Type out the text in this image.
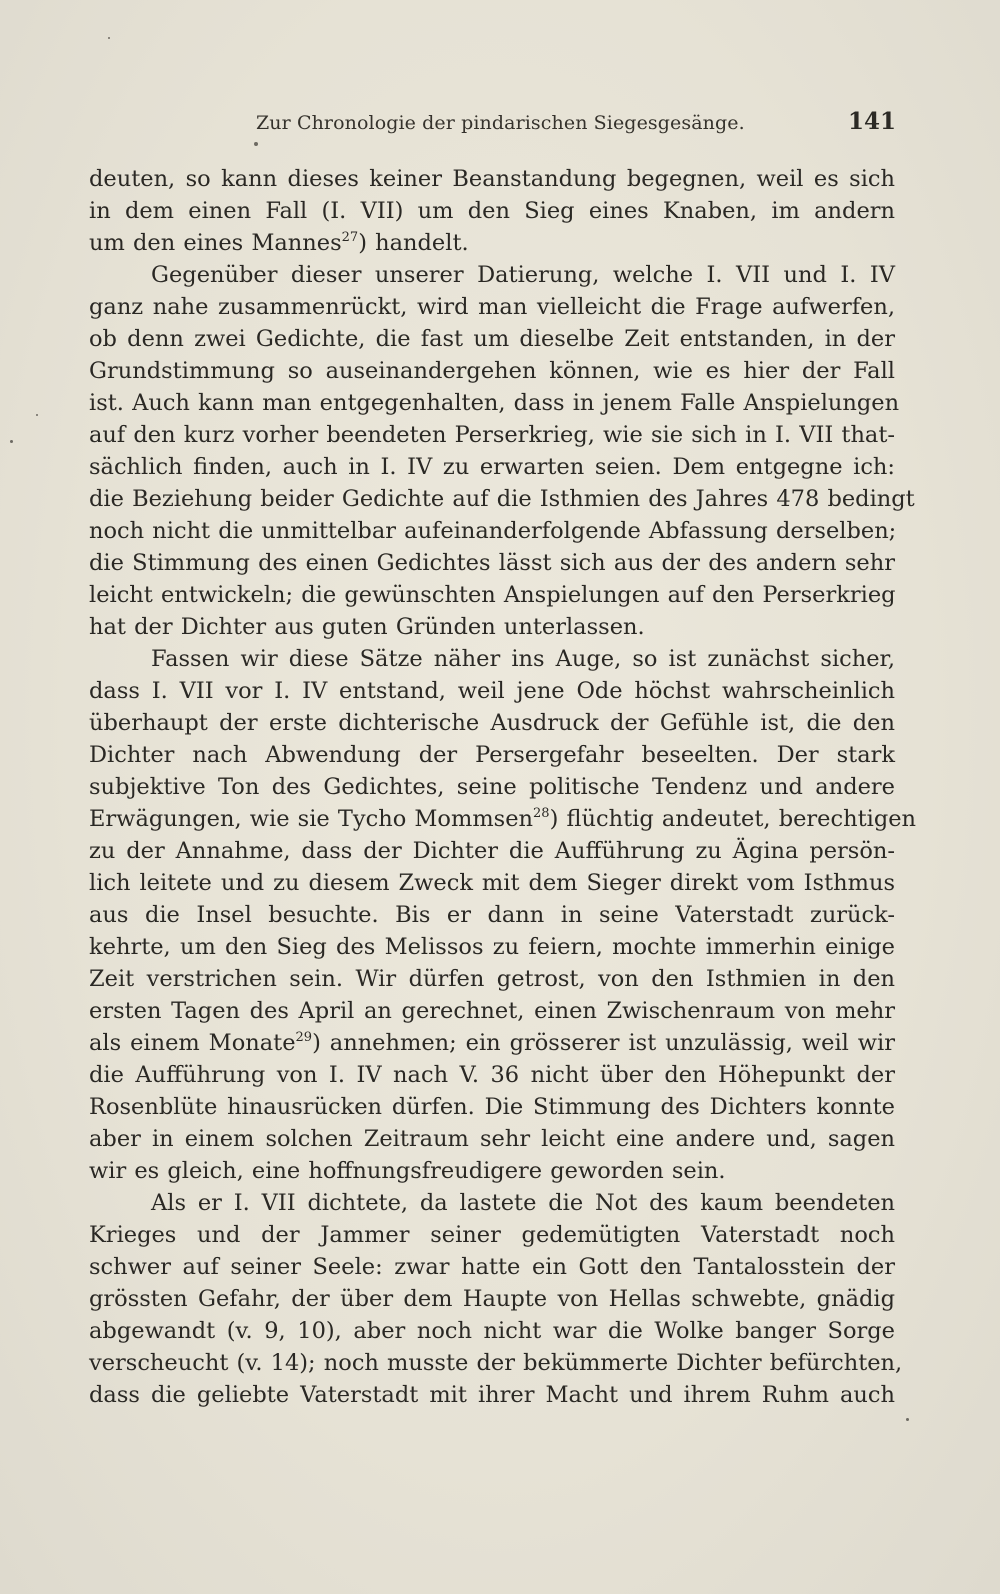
Zur Chronologie der pindarischen Siegesgesänge.	141
deuten, so kann dieses keiner Beanstandung begegnen, weil es sich
in dem einen Fall (I. VII) um den Sieg eines Knaben, im andern
um den eines Mannes$^{27}$) handelt.
Gegenüber dieser unserer Datierung, welche I. VII und I. IV
ganz nahe zusammenrückt, wird man vielleicht die Frage aufwerfen,
ob denn zwei Gedichte, die fast um dieselbe Zeit entstanden, in der
Grundstimmung so auseinandergehen können, wie es hier der Fall
ist. Auch kann man entgegenhalten, dass in jenem Falle Anspielungen
auf den kurz vorher beendeten Perserkrieg, wie sie sich in I. VII that-
sächlich finden, auch in I. IV zu erwarten seien. Dem entgegne ich:
die Beziehung beider Gedichte auf die Isthmien des Jahres 478 bedingt
noch nicht die unmittelbar aufeinanderfolgende Abfassung derselben;
die Stimmung des einen Gedichtes lässt sich aus der des andern sehr
leicht entwickeln; die gewünschten Anspielungen auf den Perserkrieg
hat der Dichter aus guten Gründen unterlassen.
Fassen wir diese Sätze näher ins Auge, so ist zunächst sicher,
dass I. VII vor I. IV entstand, weil jene Ode höchst wahrscheinlich
überhaupt der erste dichterische Ausdruck der Gefühle ist, die den
Dichter nach Abwendung der Persergefahr beseelten. Der stark
subjektive Ton des Gedichtes, seine politische Tendenz und andere
Erwägungen, wie sie Tycho Mommsen$^{28}$) flüchtig andeutet, berechtigen
zu der Annahme, dass der Dichter die Aufführung zu Ägina persön-
lich leitete und zu diesem Zweck mit dem Sieger direkt vom Isthmus
aus die Insel besuchte. Bis er dann in seine Vaterstadt zurück-
kehrte, um den Sieg des Melissos zu feiern, mochte immerhin einige
Zeit verstrichen sein. Wir dürfen getrost, von den Isthmien in den
ersten Tagen des April an gerechnet, einen Zwischenraum von mehr
als einem Monate$^{29}$) annehmen; ein grösserer ist unzulässig, weil wir
die Aufführung von I. IV nach V. 36 nicht über den Höhepunkt der
Rosenblüte hinausrücken dürfen. Die Stimmung des Dichters konnte
aber in einem solchen Zeitraum sehr leicht eine andere und, sagen
wir es gleich, eine hoffnungsfreudigere geworden sein.
Als er I. VII dichtete, da lastete die Not des kaum beendeten
Krieges und der Jammer seiner gedemütigten Vaterstadt noch
schwer auf seiner Seele: zwar hatte ein Gott den Tantalosstein der
grössten Gefahr, der über dem Haupte von Hellas schwebte, gnädig
abgewandt (v. 9, 10), aber noch nicht war die Wolke banger Sorge
verscheucht (v. 14); noch musste der bekümmerte Dichter befürchten,
dass die geliebte Vaterstadt mit ihrer Macht und ihrem Ruhm auch
